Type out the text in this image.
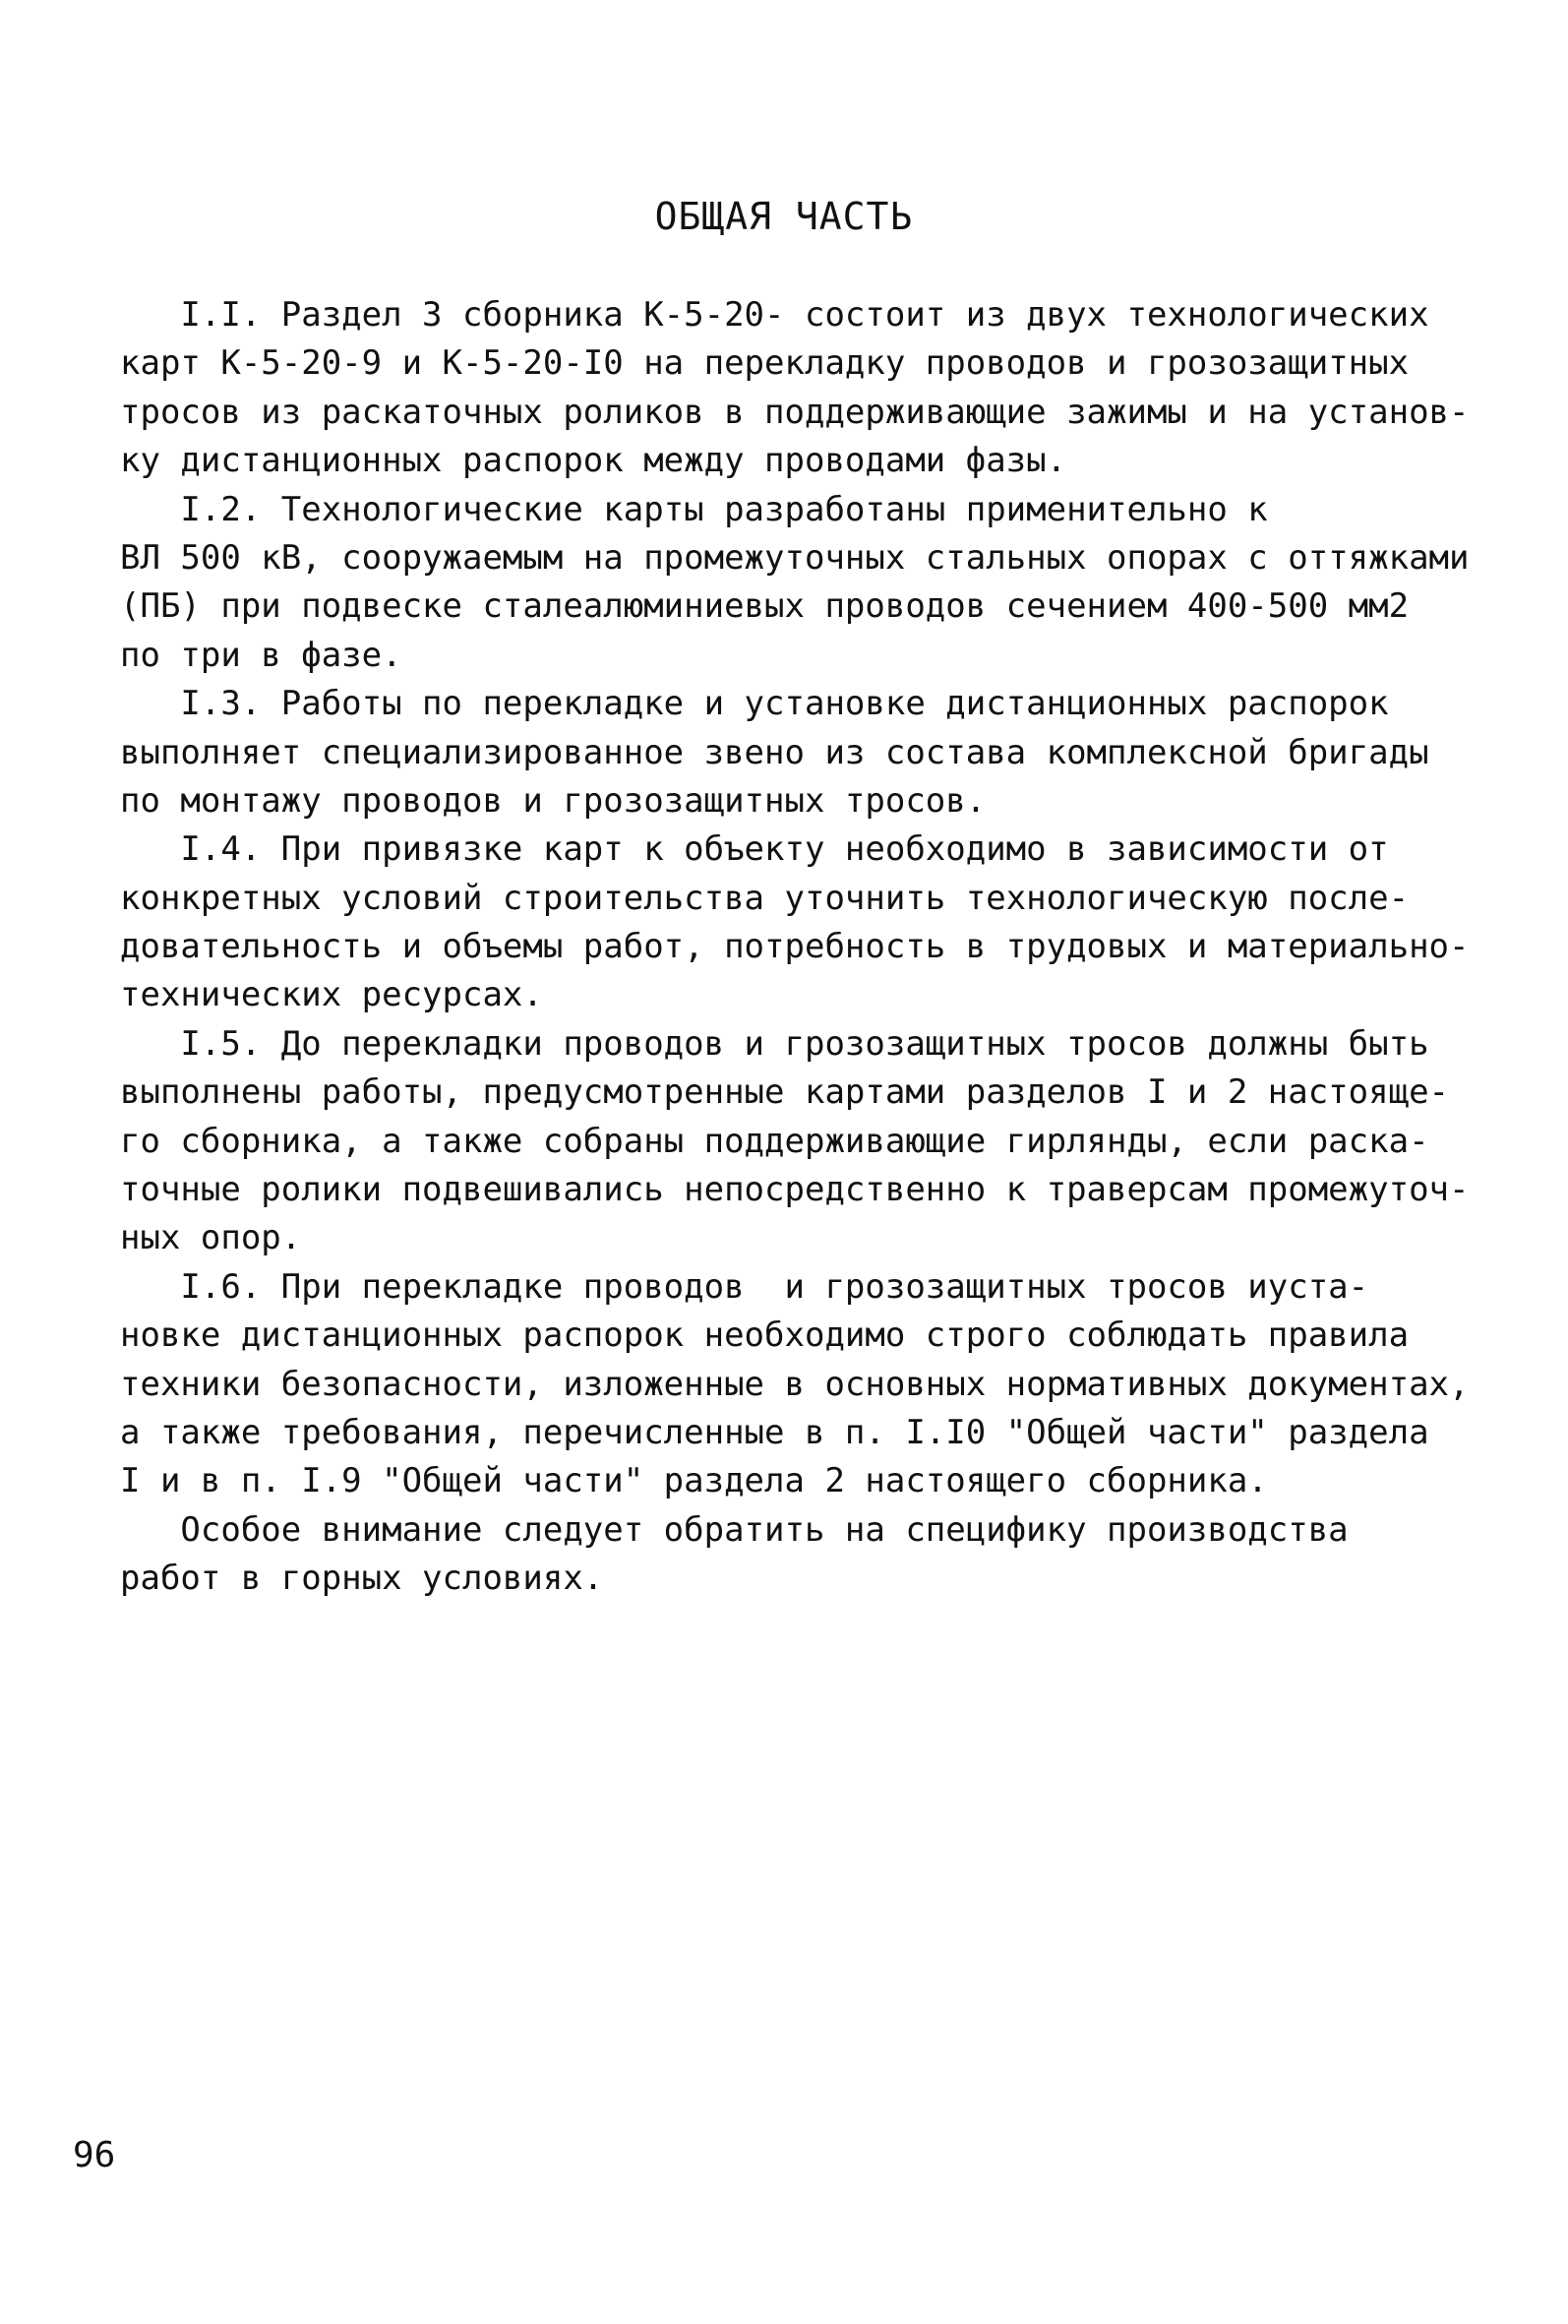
ОБЩАЯ ЧАСТЬ
I.I. Раздел 3 сборника К-5-20- состоит из двух технологических
карт К-5-20-9 и К-5-20-I0 на перекладку проводов и грозозащитных
тросов из раскаточных роликов в поддерживающие зажимы и на установ-
ку дистанционных распорок между проводами фазы.
I.2. Технологические карты разработаны применительно к
ВЛ 500 кВ, сооружаемым на промежуточных стальных опорах с оттяжками
(ПБ) при подвеске сталеалюминиевых проводов сечением 400-500 мм2
по три в фазе.
I.3. Работы по перекладке и установке дистанционных распорок
выполняет специализированное звено из состава комплексной бригады
по монтажу проводов и грозозащитных тросов.
I.4. При привязке карт к объекту необходимо в зависимости от
конкретных условий строительства уточнить технологическую после-
довательность и объемы работ, потребность в трудовых и материально-
технических ресурсах.
I.5. До перекладки проводов и грозозащитных тросов должны быть
выполнены работы, предусмотренные картами разделов I и 2 настояще-
го сборника, а также собраны поддерживающие гирлянды, если раска-
точные ролики подвешивались непосредственно к траверсам промежуточ-
ных опор.
I.6. При перекладке проводов  и грозозащитных тросов иуста-
новке дистанционных распорок необходимо строго соблюдать правила
техники безопасности, изложенные в основных нормативных документах,
а также требования, перечисленные в п. I.I0 "Общей части" раздела
I и в п. I.9 "Общей части" раздела 2 настоящего сборника.
Особое внимание следует обратить на специфику производства
работ в горных условиях.
96
